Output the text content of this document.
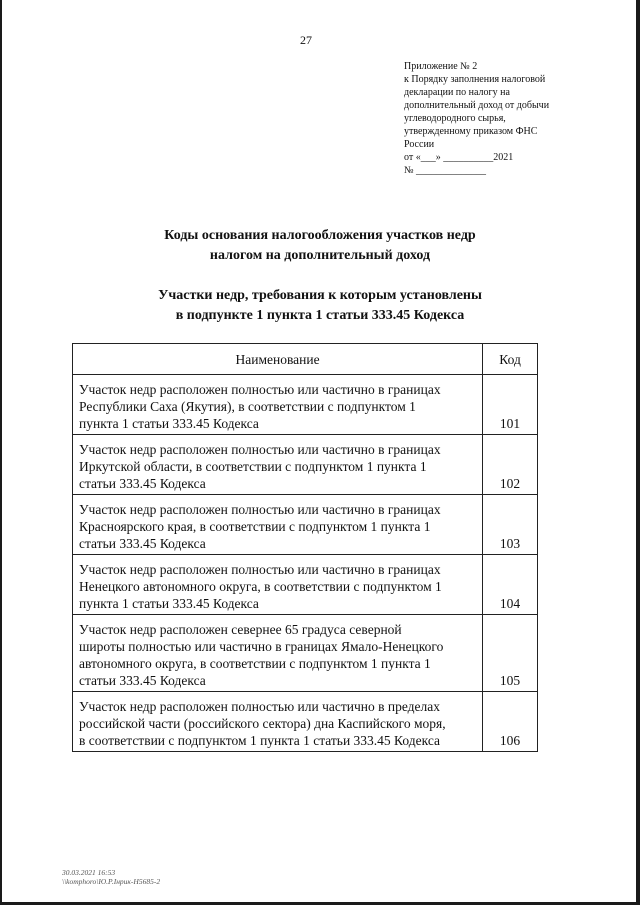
27
Приложение № 2
к Порядку заполнения налоговой
декларации по налогу на
дополнительный доход от добычи
углеводородного сырья,
утвержденному приказом ФНС
России
от «___» __________2021
№ ______________
Коды основания налогообложения участков недр
налогом на дополнительный доход
Участки недр, требования к которым установлены
в подпункте 1 пункта 1 статьи 333.45 Кодекса
Наименование	Код

Участок недр расположен полностью или частично в границах
Республики Саха (Якутия), в соответствии с подпунктом 1
пункта 1 статьи 333.45 Кодекса	101

Участок недр расположен полностью или частично в границах
Иркутской области, в соответствии с подпунктом 1 пункта 1
статьи 333.45 Кодекса	102

Участок недр расположен полностью или частично в границах
Красноярского края, в соответствии с подпунктом 1 пункта 1
статьи 333.45 Кодекса	103

Участок недр расположен полностью или частично в границах
Ненецкого автономного округа, в соответствии с подпунктом 1
пункта 1 статьи 333.45 Кодекса	104

Участок недр расположен севернее 65 градуса северной
широты полностью или частично в границах Ямало-Ненецкого
автономного округа, в соответствии с подпунктом 1 пункта 1
статьи 333.45 Кодекса	105

Участок недр расположен полностью или частично в пределах
российской части (российского сектора) дна Каспийского моря,
в соответствии с подпунктом 1 пункта 1 статьи 333.45 Кодекса	106
30.03.2021 16:53
\\komphoro\Ю.Р.Iнрик-Н5685-2
